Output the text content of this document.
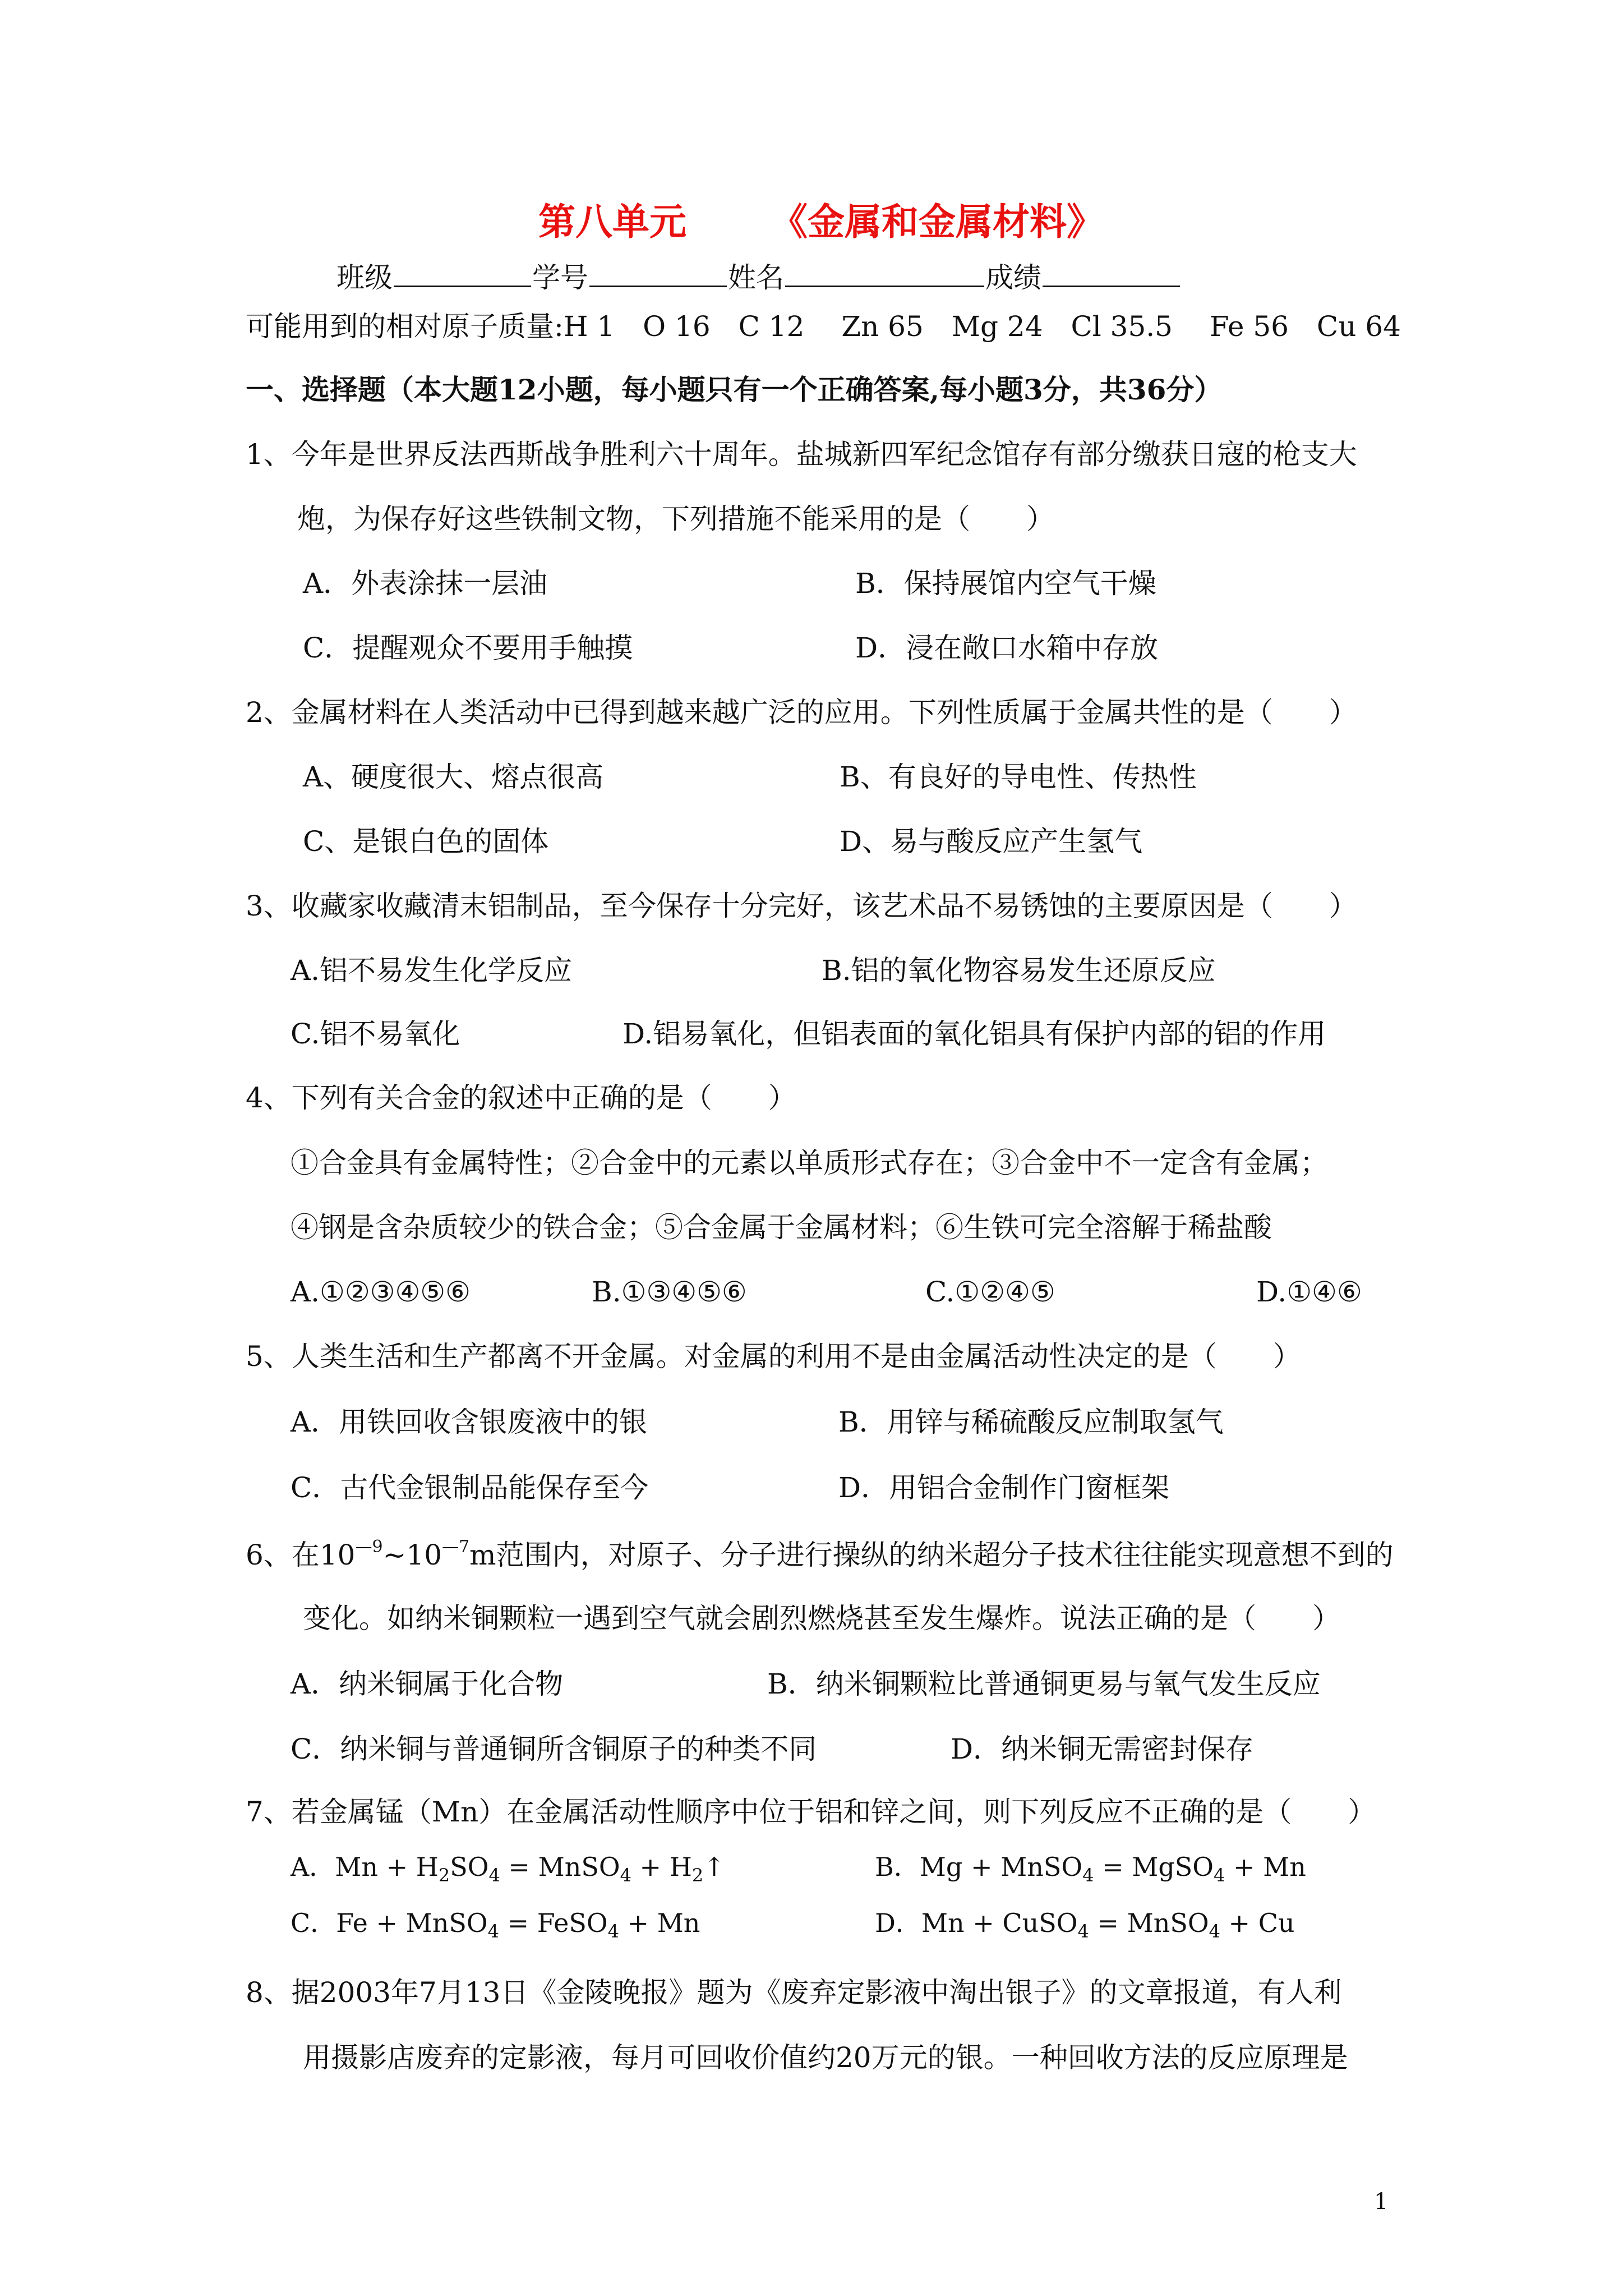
第八单元 《金属和金属材料》
班级	学号	姓名	成绩
可能用到的相对原子质量:H 1　O 16　C 12　 Zn 65　Mg 24　Cl 35.5　 Fe 56　Cu 64
一、选择题（本大题12小题，每小题只有一个正确答案,每小题3分，共36分）
1、今年是世界反法西斯战争胜利六十周年。盐城新四军纪念馆存有部分缴获日寇的枪支大
炮，为保存好这些铁制文物，下列措施不能采用的是（　　）
A．外表涂抹一层油	B．保持展馆内空气干燥
C．提醒观众不要用手触摸	D．浸在敞口水箱中存放
2、金属材料在人类活动中已得到越来越广泛的应用。下列性质属于金属共性的是（　　）
A、硬度很大、熔点很高	B、有良好的导电性、传热性
C、是银白色的固体	D、易与酸反应产生氢气
3、收藏家收藏清末铝制品，至今保存十分完好，该艺术品不易锈蚀的主要原因是（　　）
A.铝不易发生化学反应	B.铝的氧化物容易发生还原反应
C.铝不易氧化	D.铝易氧化，但铝表面的氧化铝具有保护内部的铝的作用
4、下列有关合金的叙述中正确的是（　　）
①合金具有金属特性；②合金中的元素以单质形式存在；③合金中不一定含有金属；
④钢是含杂质较少的铁合金；⑤合金属于金属材料；⑥生铁可完全溶解于稀盐酸
A.①②③④⑤⑥	B.①③④⑤⑥	C.①②④⑤	D.①④⑥
5、人类生活和生产都离不开金属。对金属的利用不是由金属活动性决定的是（　　）
A．用铁回收含银废液中的银	B．用锌与稀硫酸反应制取氢气
C．古代金银制品能保存至今	D．用铝合金制作门窗框架
6、在$10^{—9}\sim 10^{—7}m$范围内，对原子、分子进行操纵的纳米超分子技术往往能实现意想不到的
变化。如纳米铜颗粒一遇到空气就会剧烈燃烧甚至发生爆炸。说法正确的是（　　）
A．纳米铜属于化合物	B．纳米铜颗粒比普通铜更易与氧气发生反应
C．纳米铜与普通铜所含铜原子的种类不同	D．纳米铜无需密封保存
7、若金属锰（Mn）在金属活动性顺序中位于铝和锌之间，则下列反应不正确的是（　　）
A．$Mn + H_2SO_4$ = MnSO$_4$ + $H_2↑$	B．Mg + MnSO$_4$ = MgSO$_4$ + Mn
C．Fe + MnSO$_4$ = FeSO$_4$ + Mn	D．Mn + CuSO$_4$ = MnSO$_4$ + Cu
8、据2003年7月13日《金陵晚报》题为《废弃定影液中淘出银子》的文章报道，有人利
用摄影店废弃的定影液，每月可回收价值约20万元的银。一种回收方法的反应原理是
1
